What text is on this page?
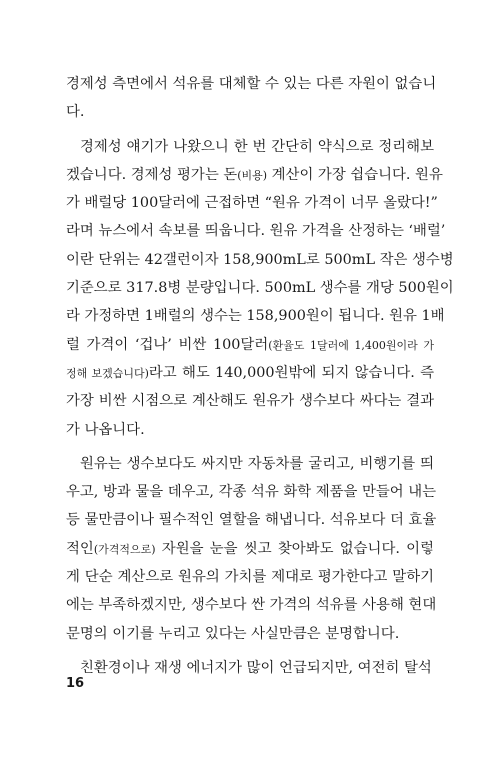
경제성 측면에서 석유를 대체할 수 있는 다른 자원이 없습니
다.
경제성 얘기가 나왔으니 한 번 간단히 약식으로 정리해보
겠습니다. 경제성 평가는 돈(비용) 계산이 가장 쉽습니다. 원유
가 배럴당 100달러에 근접하면 “원유 가격이 너무 올랐다!”
라며 뉴스에서 속보를 띄웁니다. 원유 가격을 산정하는 ‘배럴’
이란 단위는 42갤런이자 158,900mL로 500mL 작은 생수병
기준으로 317.8병 분량입니다. 500mL 생수를 개당 500원이
라 가정하면 1배럴의 생수는 158,900원이 됩니다. 원유 1배
럴 가격이 ‘겁나’ 비싼 100달러(환율도 1달러에 1,400원이라 가
정해 보겠습니다)라고 해도 140,000원밖에 되지 않습니다. 즉
가장 비싼 시점으로 계산해도 원유가 생수보다 싸다는 결과
가 나옵니다.
원유는 생수보다도 싸지만 자동차를 굴리고, 비행기를 띄
우고, 방과 물을 데우고, 각종 석유 화학 제품을 만들어 내는
등 물만큼이나 필수적인 열할을 해냅니다. 석유보다 더 효율
적인(가격적으로) 자원을 눈을 씻고 찾아봐도 없습니다. 이렇
게 단순 계산으로 원유의 가치를 제대로 평가한다고 말하기
에는 부족하겠지만, 생수보다 싼 가격의 석유를 사용해 현대
문명의 이기를 누리고 있다는 사실만큼은 분명합니다.
친환경이나 재생 에너지가 많이 언급되지만, 여전히 탈석
16
